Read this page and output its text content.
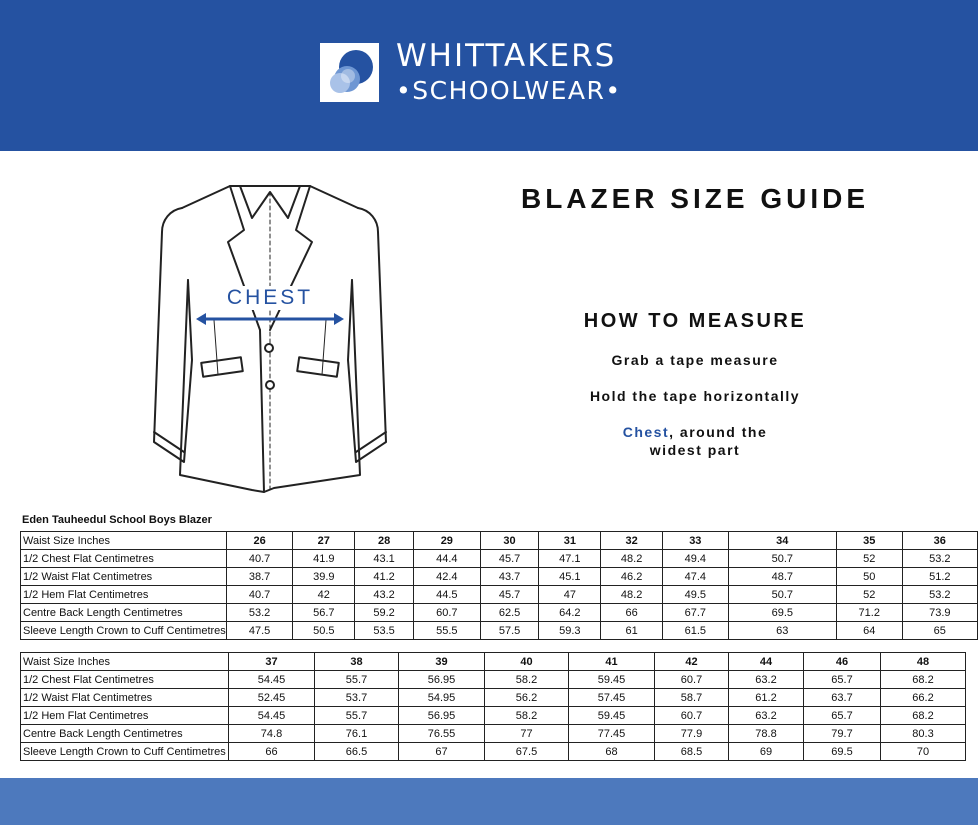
WHITTAKERS
•SCHOOLWEAR•
CHEST
BLAZER SIZE GUIDE
HOW TO MEASURE
Grab a tape measure
Hold the tape horizontally
Chest, around the
widest part
Eden Tauheedul School Boys Blazer
Waist Size Inches	26	27	28	29	30	31	32	33	34	35	36
1/2 Chest Flat Centimetres	40.7	41.9	43.1	44.4	45.7	47.1	48.2	49.4	50.7	52	53.2
1/2 Waist Flat Centimetres	38.7	39.9	41.2	42.4	43.7	45.1	46.2	47.4	48.7	50	51.2
1/2 Hem Flat Centimetres	40.7	42	43.2	44.5	45.7	47	48.2	49.5	50.7	52	53.2
Centre Back Length Centimetres	53.2	56.7	59.2	60.7	62.5	64.2	66	67.7	69.5	71.2	73.9
Sleeve Length Crown to Cuff Centimetres	47.5	50.5	53.5	55.5	57.5	59.3	61	61.5	63	64	65
Waist Size Inches	37	38	39	40	41	42	44	46	48
1/2 Chest Flat Centimetres	54.45	55.7	56.95	58.2	59.45	60.7	63.2	65.7	68.2
1/2 Waist Flat Centimetres	52.45	53.7	54.95	56.2	57.45	58.7	61.2	63.7	66.2
1/2 Hem Flat Centimetres	54.45	55.7	56.95	58.2	59.45	60.7	63.2	65.7	68.2
Centre Back Length Centimetres	74.8	76.1	76.55	77	77.45	77.9	78.8	79.7	80.3
Sleeve Length Crown to Cuff Centimetres	66	66.5	67	67.5	68	68.5	69	69.5	70
